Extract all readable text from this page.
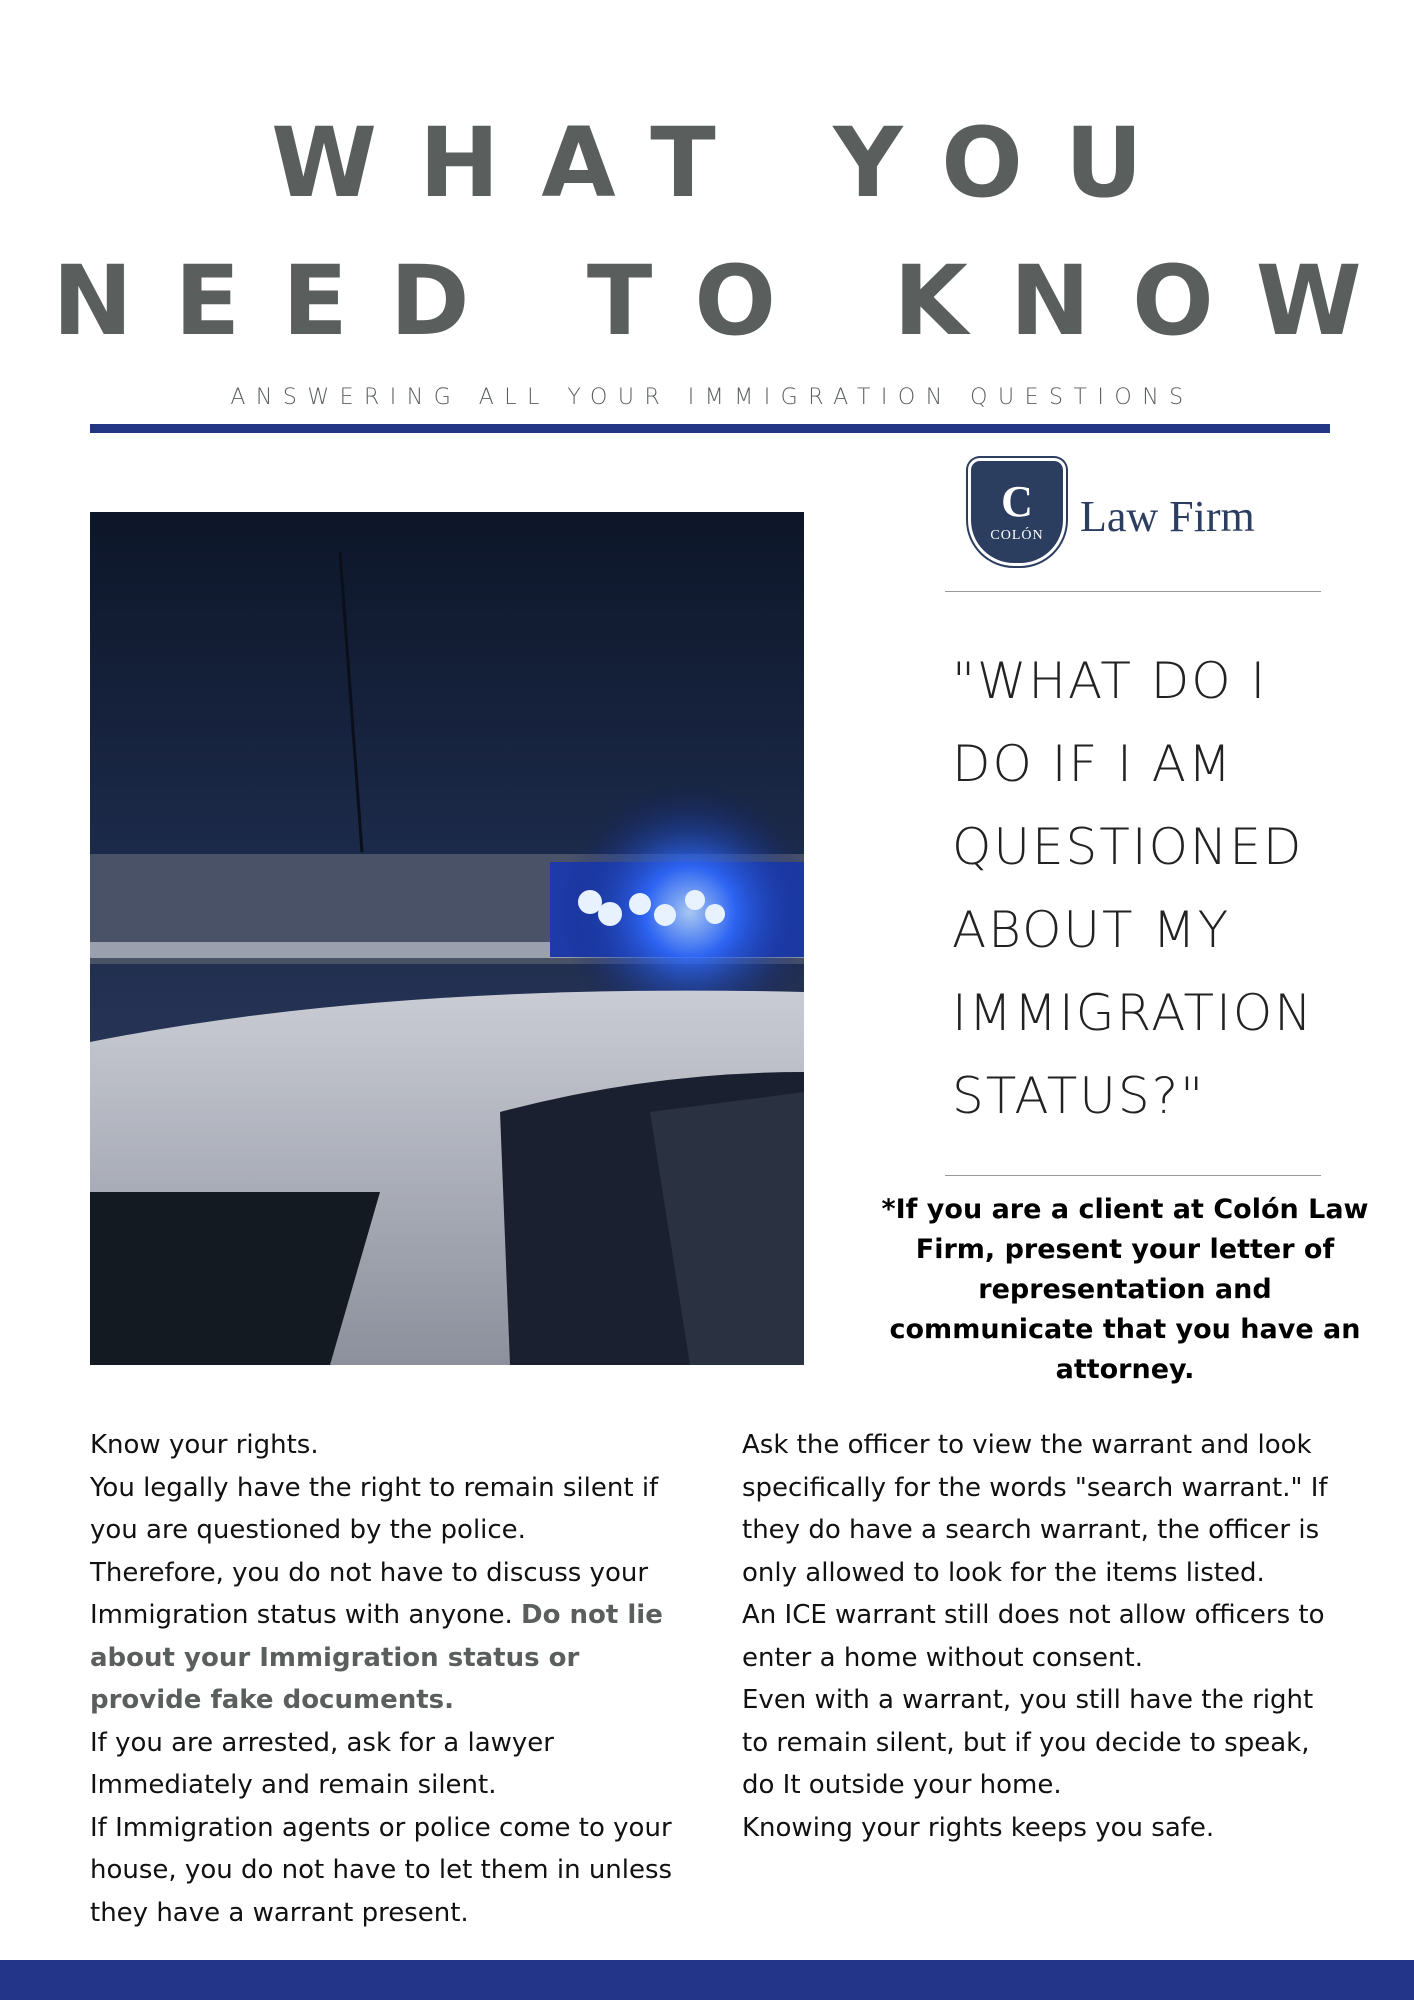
WHAT YOU
NEED TO KNOW
ANSWERING ALL YOUR IMMIGRATION QUESTIONS
C
COLÓN Law Firm
"WHAT DO I
DO IF I AM
QUESTIONED
ABOUT MY
IMMIGRATION
STATUS?"
*If you are a client at Colón Law Firm, present your letter of representation and communicate that you have an attorney.

Know your rights.

You legally have the right to remain silent if you are questioned by the police.

Therefore, you do not have to discuss your Immigration status with anyone. Do not lie about your Immigration status or provide fake documents.

If you are arrested, ask for a lawyer Immediately and remain silent.

If Immigration agents or police come to your house, you do not have to let them in unless they have a warrant present.

Ask the officer to view the warrant and look specifically for the words "search warrant." If they do have a search warrant, the officer is only allowed to look for the items listed.

An ICE warrant still does not allow officers to enter a home without consent.

Even with a warrant, you still have the right to remain silent, but if you decide to speak, do It outside your home.

Knowing your rights keeps you safe.
